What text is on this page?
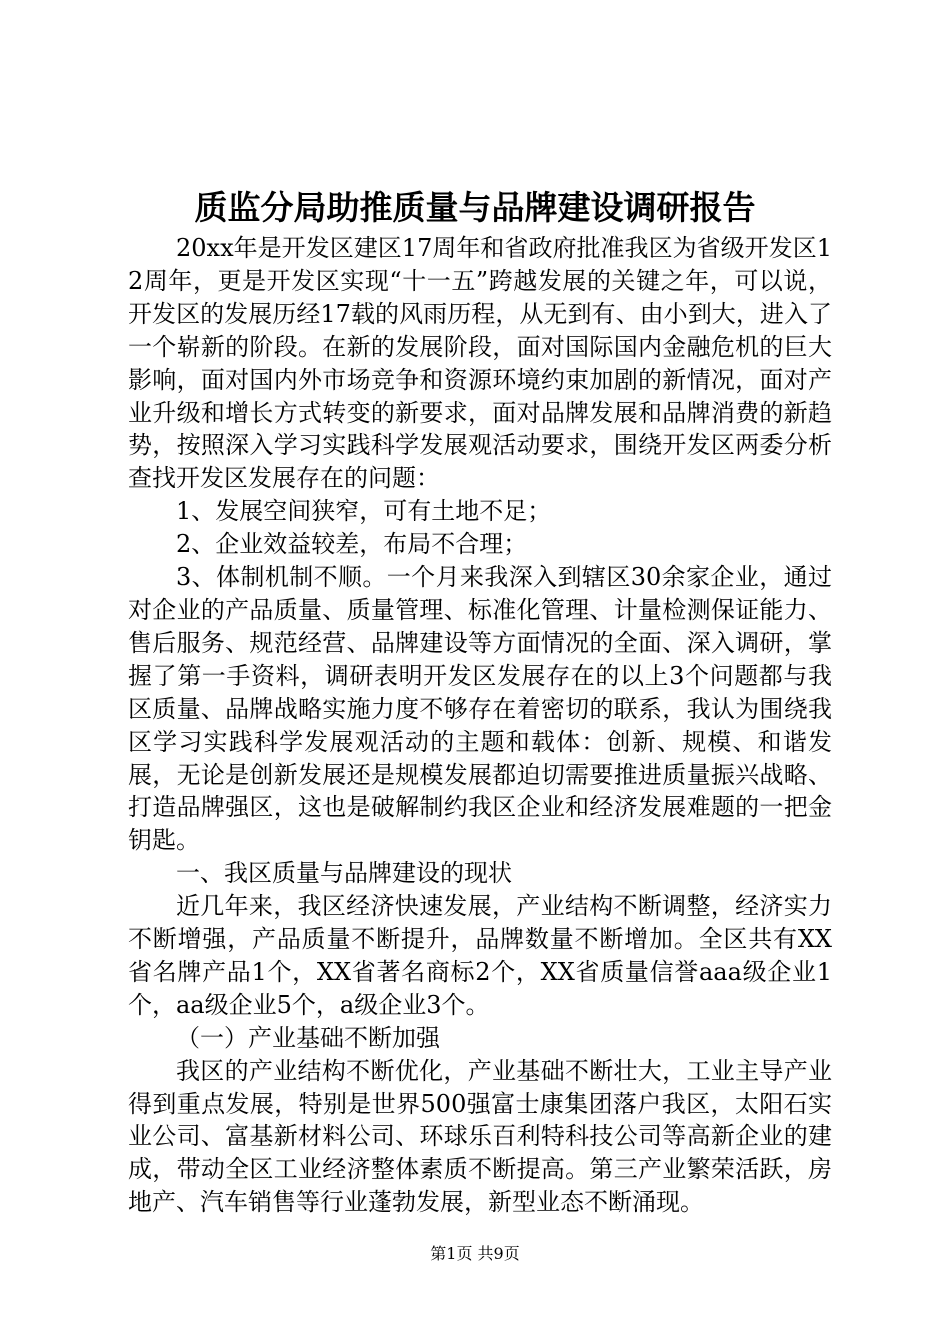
质监分局助推质量与品牌建设调研报告

20xx年是开发区建区17周年和省政府批准我区为省级开发区12周年，更是开发区实现“十一五”跨越发展的关键之年，可以说，开发区的发展历经17载的风雨历程，从无到有、由小到大，进入了一个崭新的阶段。在新的发展阶段，面对国际国内金融危机的巨大影响，面对国内外市场竞争和资源环境约束加剧的新情况，面对产业升级和增长方式转变的新要求，面对品牌发展和品牌消费的新趋势，按照深入学习实践科学发展观活动要求，围绕开发区两委分析查找开发区发展存在的问题：

1、发展空间狭窄，可有土地不足；

2、企业效益较差，布局不合理；

3、体制机制不顺。一个月来我深入到辖区30余家企业，通过对企业的产品质量、质量管理、标准化管理、计量检测保证能力、售后服务、规范经营、品牌建设等方面情况的全面、深入调研，掌握了第一手资料，调研表明开发区发展存在的以上3个问题都与我区质量、品牌战略实施力度不够存在着密切的联系，我认为围绕我区学习实践科学发展观活动的主题和载体：创新、规模、和谐发展，无论是创新发展还是规模发展都迫切需要推进质量振兴战略、打造品牌强区，这也是破解制约我区企业和经济发展难题的一把金钥匙。

一、我区质量与品牌建设的现状

近几年来，我区经济快速发展，产业结构不断调整，经济实力不断增强，产品质量不断提升，品牌数量不断增加。全区共有XX省名牌产品1个，XX省著名商标2个，XX省质量信誉aaa级企业1个，aa级企业5个，a级企业3个。

（一）产业基础不断加强

我区的产业结构不断优化，产业基础不断壮大，工业主导产业得到重点发展，特别是世界500强富士康集团落户我区，太阳石实业公司、富基新材料公司、环球乐百利特科技公司等高新企业的建成，带动全区工业经济整体素质不断提高。第三产业繁荣活跃，房地产、汽车销售等行业蓬勃发展，新型业态不断涌现。

第1页 共9页
